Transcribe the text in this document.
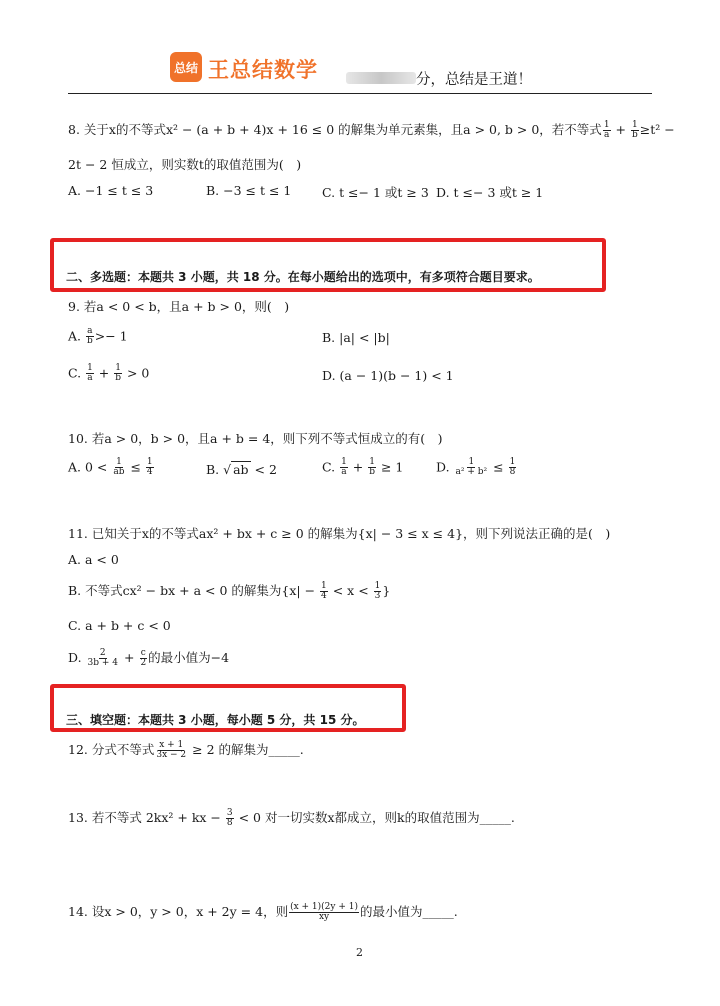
总结 王总结数学	分，总结是王道！
8. 关于x的不等式x² − (a + b + 4)x + 16 ≤ 0 的解集为单元素集，且a > 0, b > 0，若不等式 $\frac{1}{a} + \frac{1}{b} \ge t^2$ −
2t − 2 恒成立，则实数t的取值范围为(　)
A. −1 ≤ t ≤ 3	B. −3 ≤ t ≤ 1 C. t ≤− 1 或t ≥ 3 D. t ≤− 3 或t ≥ 1
二、多选题：本题共 3 小题，共 18 分。在每小题给出的选项中，有多项符合题目要求。
9. 若a < 0 < b，且a + b > 0，则(　)
A. $\frac{a}{b} >- 1$	B. |a| < |b|
C. $\frac{1}{a} + \frac{1}{b} > 0$	D. (a − 1)(b − 1) < 1
10. 若a > 0，b > 0，且a + b = 4，则下列不等式恒成立的有(　)
A. $0 < \frac{1}{ab} \le \frac{1}{4}$	B. √ ab < 2	C. $\frac{1}{a} + \frac{1}{b} \ge 1$	D. $\frac{1}{\text{a² + b²}} \le \frac{1}{8}$
11. 已知关于x的不等式ax² + bx + c ≥ 0 的解集为{x| − 3 ≤ x ≤ 4}，则下列说法正确的是(　)
A. a < 0
B. 不等式cx² − bx + a < 0 的解集为{$x| - \frac{1}{4} < x < \frac{1}{3}$ }
C. a + b + c < 0
D. $\frac{2}{3b + 4} + \frac{c}{2}$ 的最小值为−4
三、填空题：本题共 3 小题，每小题 5 分，共 15 分。
12. 分式不等式 $\frac{x + 1}{3x - 2} \ge 2$ 的解集为_____.
13. 若不等式 2kx² + kx − $\frac{3}{8} < 0$ 对一切实数x都成立，则k的取值范围为_____.
14. 设x > 0，y > 0，x + 2y = 4，则 $\frac{(x + 1)(2y + 1)}{xy}$ 的最小值为_____.
2
